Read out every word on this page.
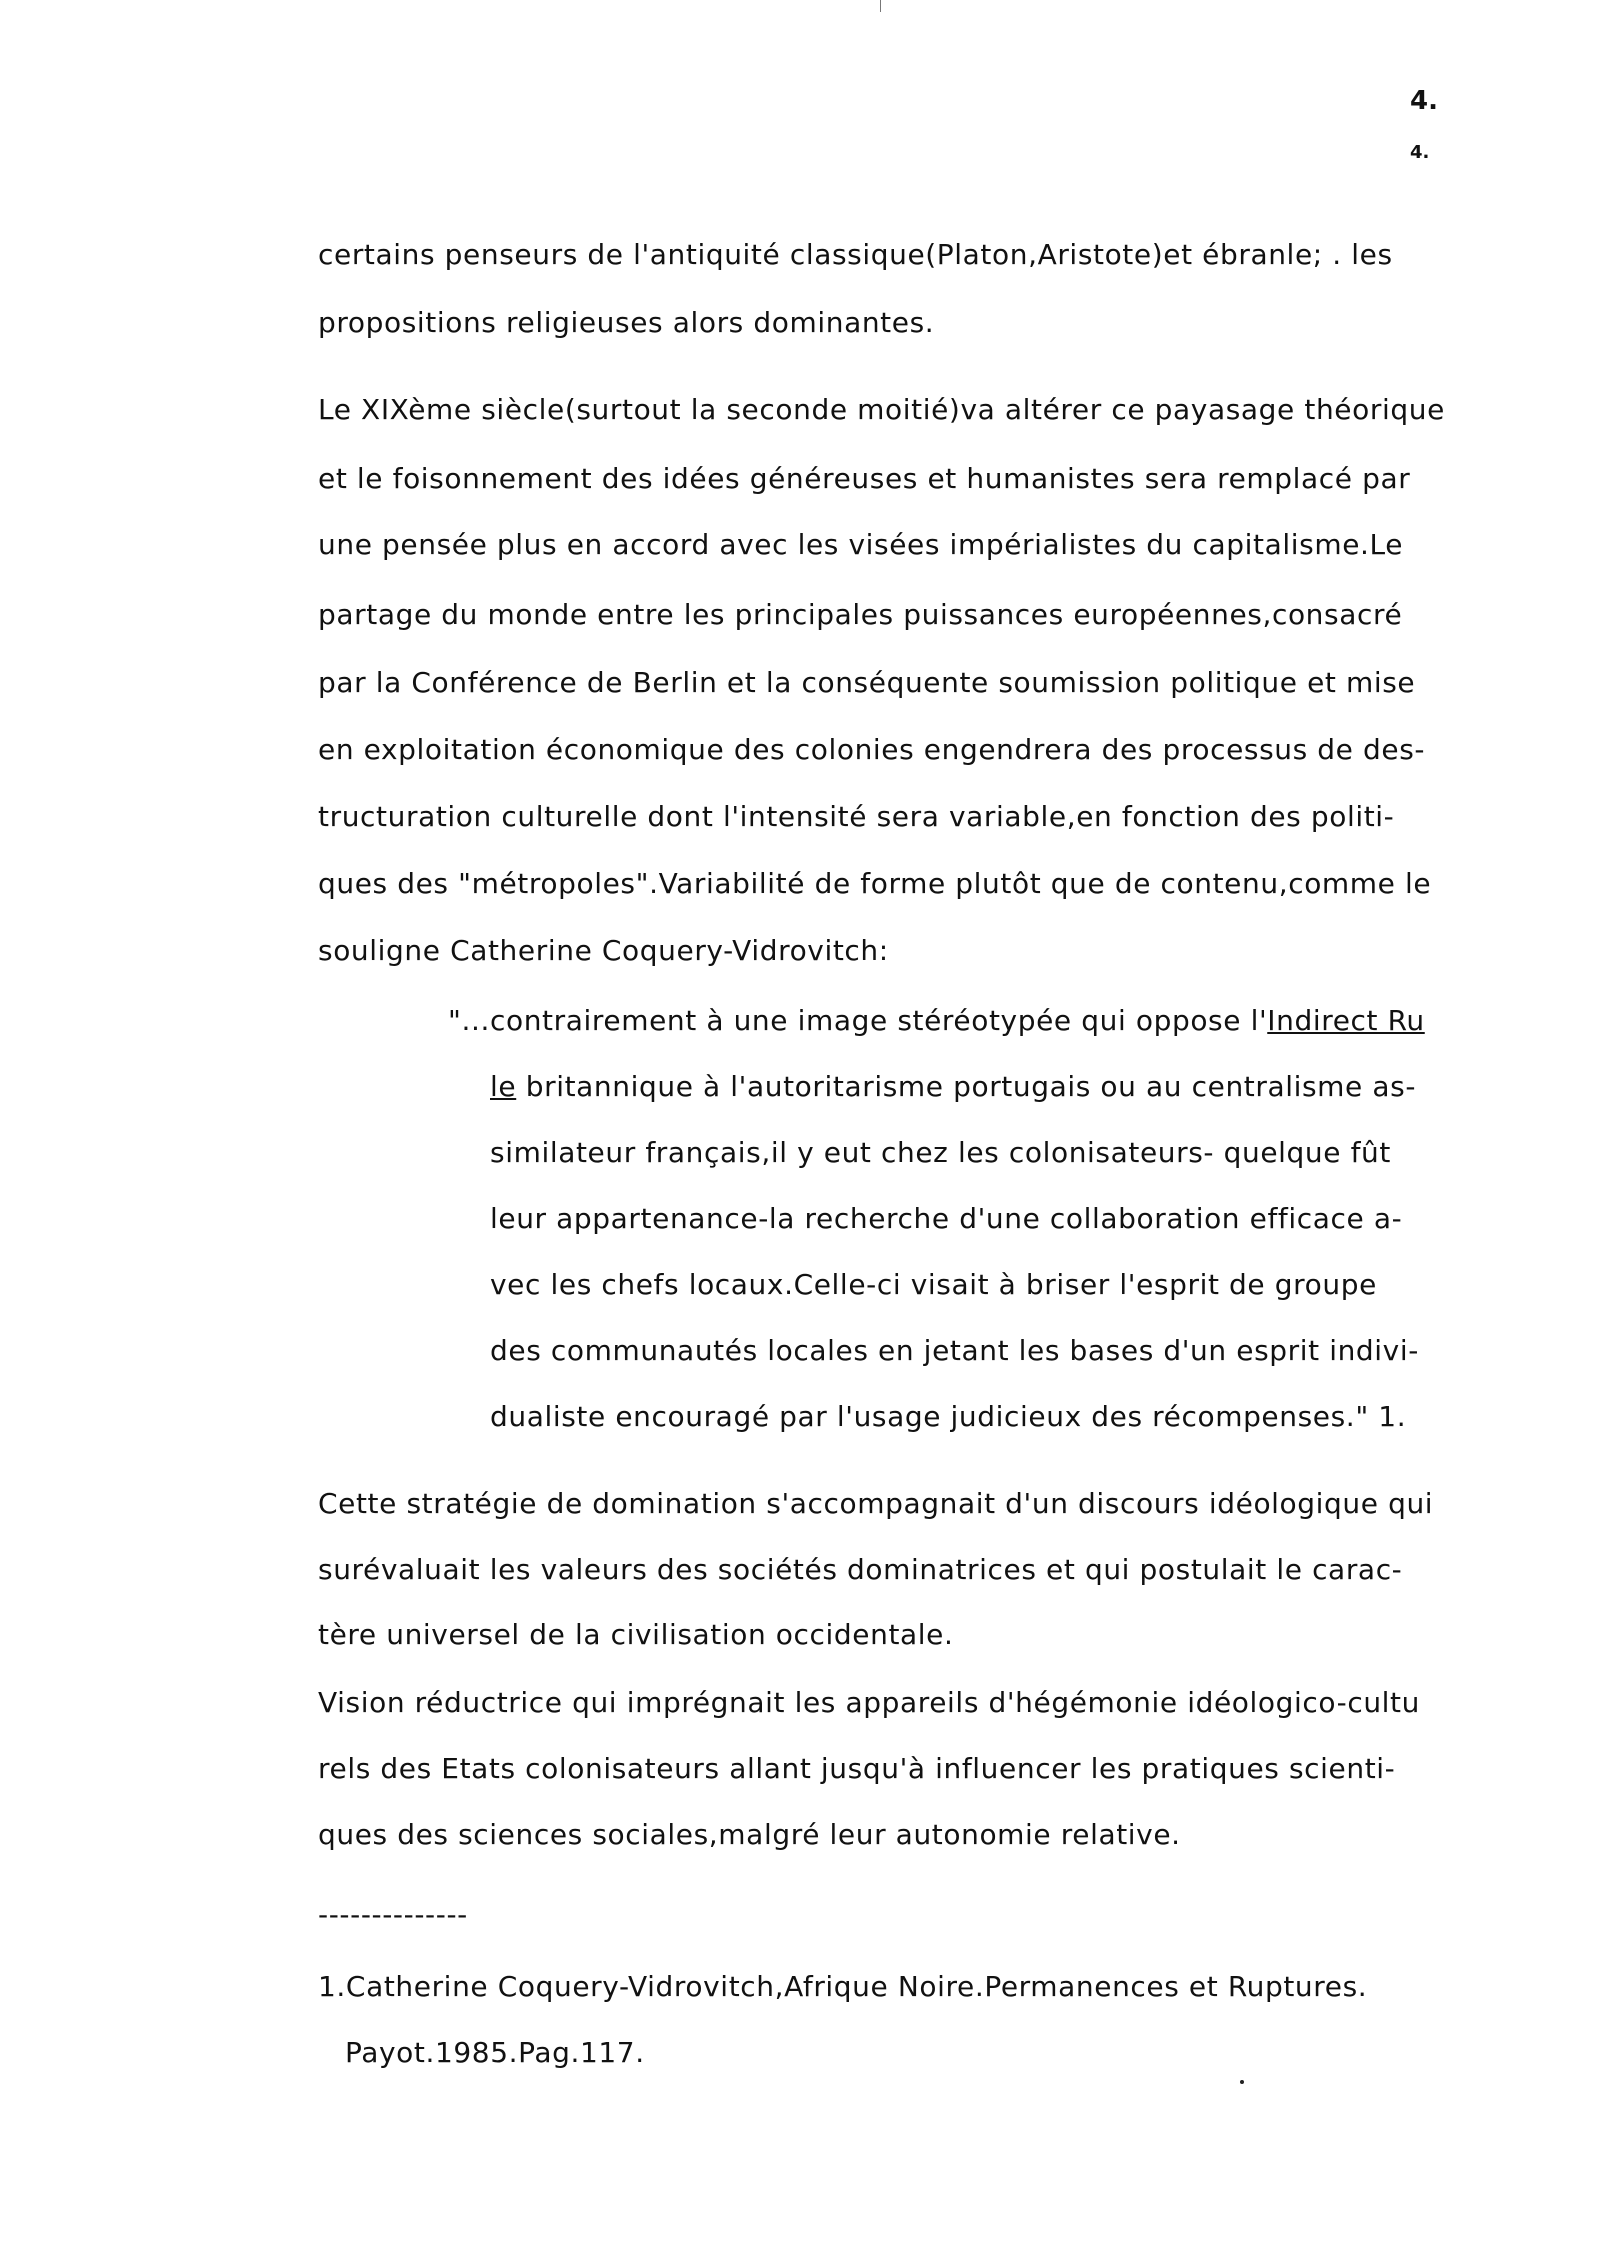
4.
4.
certains penseurs de l'antiquité classique(Platon,Aristote)et ébranle; . les
propositions religieuses alors dominantes.
Le XIXème siècle(surtout la seconde moitié)va altérer ce payasage théorique
et le foisonnement des idées généreuses et humanistes sera remplacé par
une pensée plus en accord avec les visées impérialistes du capitalisme.Le
partage du monde entre les principales puissances européennes,consacré
par la Conférence de Berlin et la conséquente soumission politique et mise
en exploitation économique des colonies engendrera des processus de des-
tructuration culturelle dont l'intensité sera variable,en fonction des politi-
ques des "métropoles".Variabilité de forme plutôt que de contenu,comme le
souligne Catherine Coquery-Vidrovitch:
"...contrairement à une image stéréotypée qui oppose l'Indirect Ru
le britannique à l'autoritarisme portugais ou au centralisme as-
similateur français,il y eut chez les colonisateurs- quelque fût
leur appartenance-la recherche d'une collaboration efficace a-
vec les chefs locaux.Celle-ci visait à briser l'esprit de groupe
des communautés locales en jetant les bases d'un esprit indivi-
dualiste encouragé par l'usage judicieux des récompenses." 1.
Cette stratégie de domination s'accompagnait d'un discours idéologique qui
surévaluait les valeurs des sociétés dominatrices et qui postulait le carac-
tère universel de la civilisation occidentale.
Vision réductrice qui imprégnait les appareils d'hégémonie idéologico-cultu
rels des Etats colonisateurs allant jusqu'à influencer les pratiques scienti-
ques des sciences sociales,malgré leur autonomie relative.
--------------
1.Catherine Coquery-Vidrovitch,Afrique Noire.Permanences et Ruptures.
Payot.1985.Pag.117.
